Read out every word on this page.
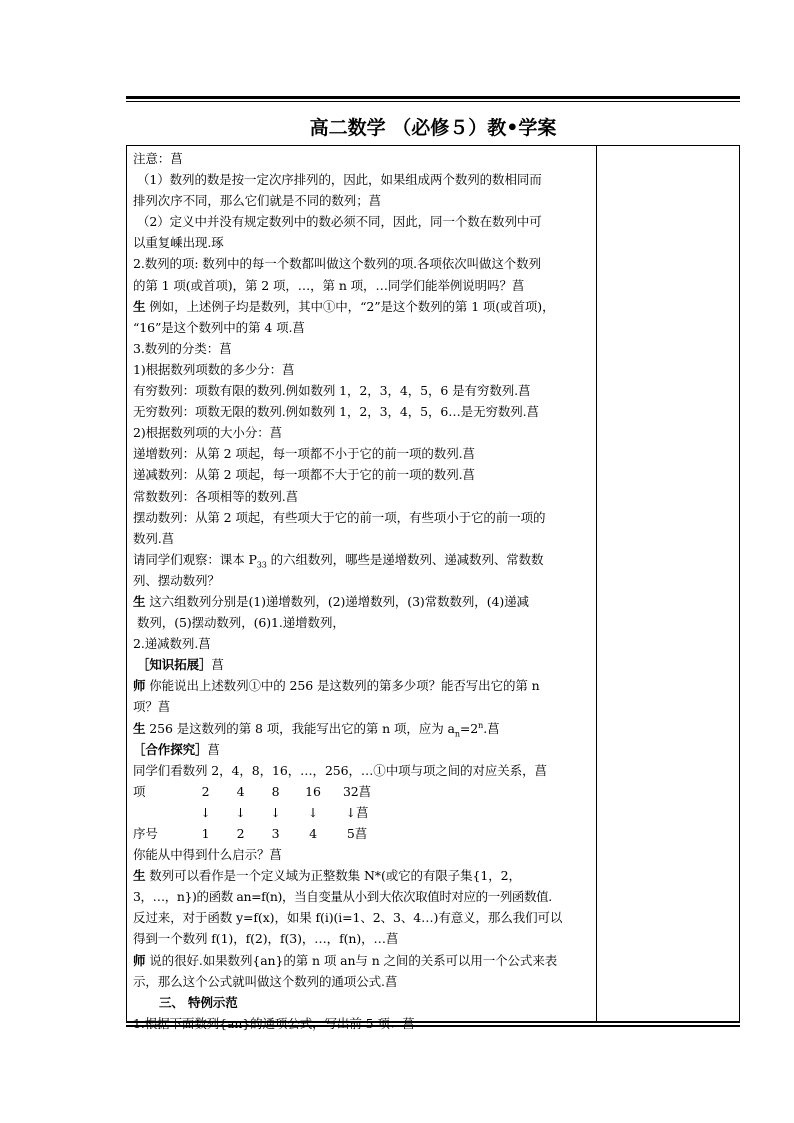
高二数学 （必修５）教•学案
注意：菖
（1）数列的数是按一定次序排列的，因此，如果组成两个数列的数相同而
排列次序不同，那么它们就是不同的数列；菖
（2）定义中并没有规定数列中的数必须不同，因此，同一个数在数列中可
以重复嵊出现.琢
2.数列的项: 数列中的每一个数都叫做这个数列的项.各项依次叫做这个数列
的第 1 项(或首项)，第 2 项，…，第 n 项，…同学们能举例说明吗？菖
生 例如，上述例子均是数列，其中①中，“2”是这个数列的第 1 项(或首项)，
“16”是这个数列中的第 4 项.菖
3.数列的分类：菖
1)根据数列项数的多少分：菖
有穷数列：项数有限的数列.例如数列 1，2，3，4，5，6 是有穷数列.菖
无穷数列：项数无限的数列.例如数列 1，2，3，4，5，6…是无穷数列.菖
2)根据数列项的大小分：菖
递增数列：从第 2 项起，每一项都不小于它的前一项的数列.菖
递减数列：从第 2 项起，每一项都不大于它的前一项的数列.菖
常数数列：各项相等的数列.菖
摆动数列：从第 2 项起，有些项大于它的前一项，有些项小于它的前一项的
数列.菖
请同学们观察：课本 $P_{33}$ 的六组数列，哪些是递增数列、递减数列、常数数
列、摆动数列？
生 这六组数列分别是(1)递增数列，(2)递增数列，(3)常数数列，(4)递减
数列，(5)摆动数列，(6)1.递增数列，
2.递减数列.菖
［知识拓展］菖
师 你能说出上述数列①中的 256 是这数列的第多少项？能否写出它的第 n
项？菖
生 256 是这数列的第 8 项，我能写出它的第 n 项，应为 $a_n=2^n$.菖
［合作探究］菖
同学们看数列 2，4，8，16，…，256，…①中项与项之间的对应关系，菖
项	2 4 8 16 32菖
↓ ↓ ↓ ↓ ↓菖
序号	1 2 3 4 5菖
你能从中得到什么启示？菖
生 数列可以看作是一个定义域为正整数集 N*(或它的有限子集{1，2，
3，…，n})的函数 an=f(n)，当自变量从小到大依次取值时对应的一列函数值.
反过来，对于函数 y=f(x)，如果 f(i)(i=1、2、3、4…)有意义，那么我们可以
得到一个数列 f(1)，f(2)，f(3)，…，f(n)，…菖
师 说的很好.如果数列{an}的第 n 项 an与 n 之间的关系可以用一个公式来表
示，那么这个公式就叫做这个数列的通项公式.菖
三、 特例示范
1.根据下面数列{an}的通项公式，写出前 5 项：菖
